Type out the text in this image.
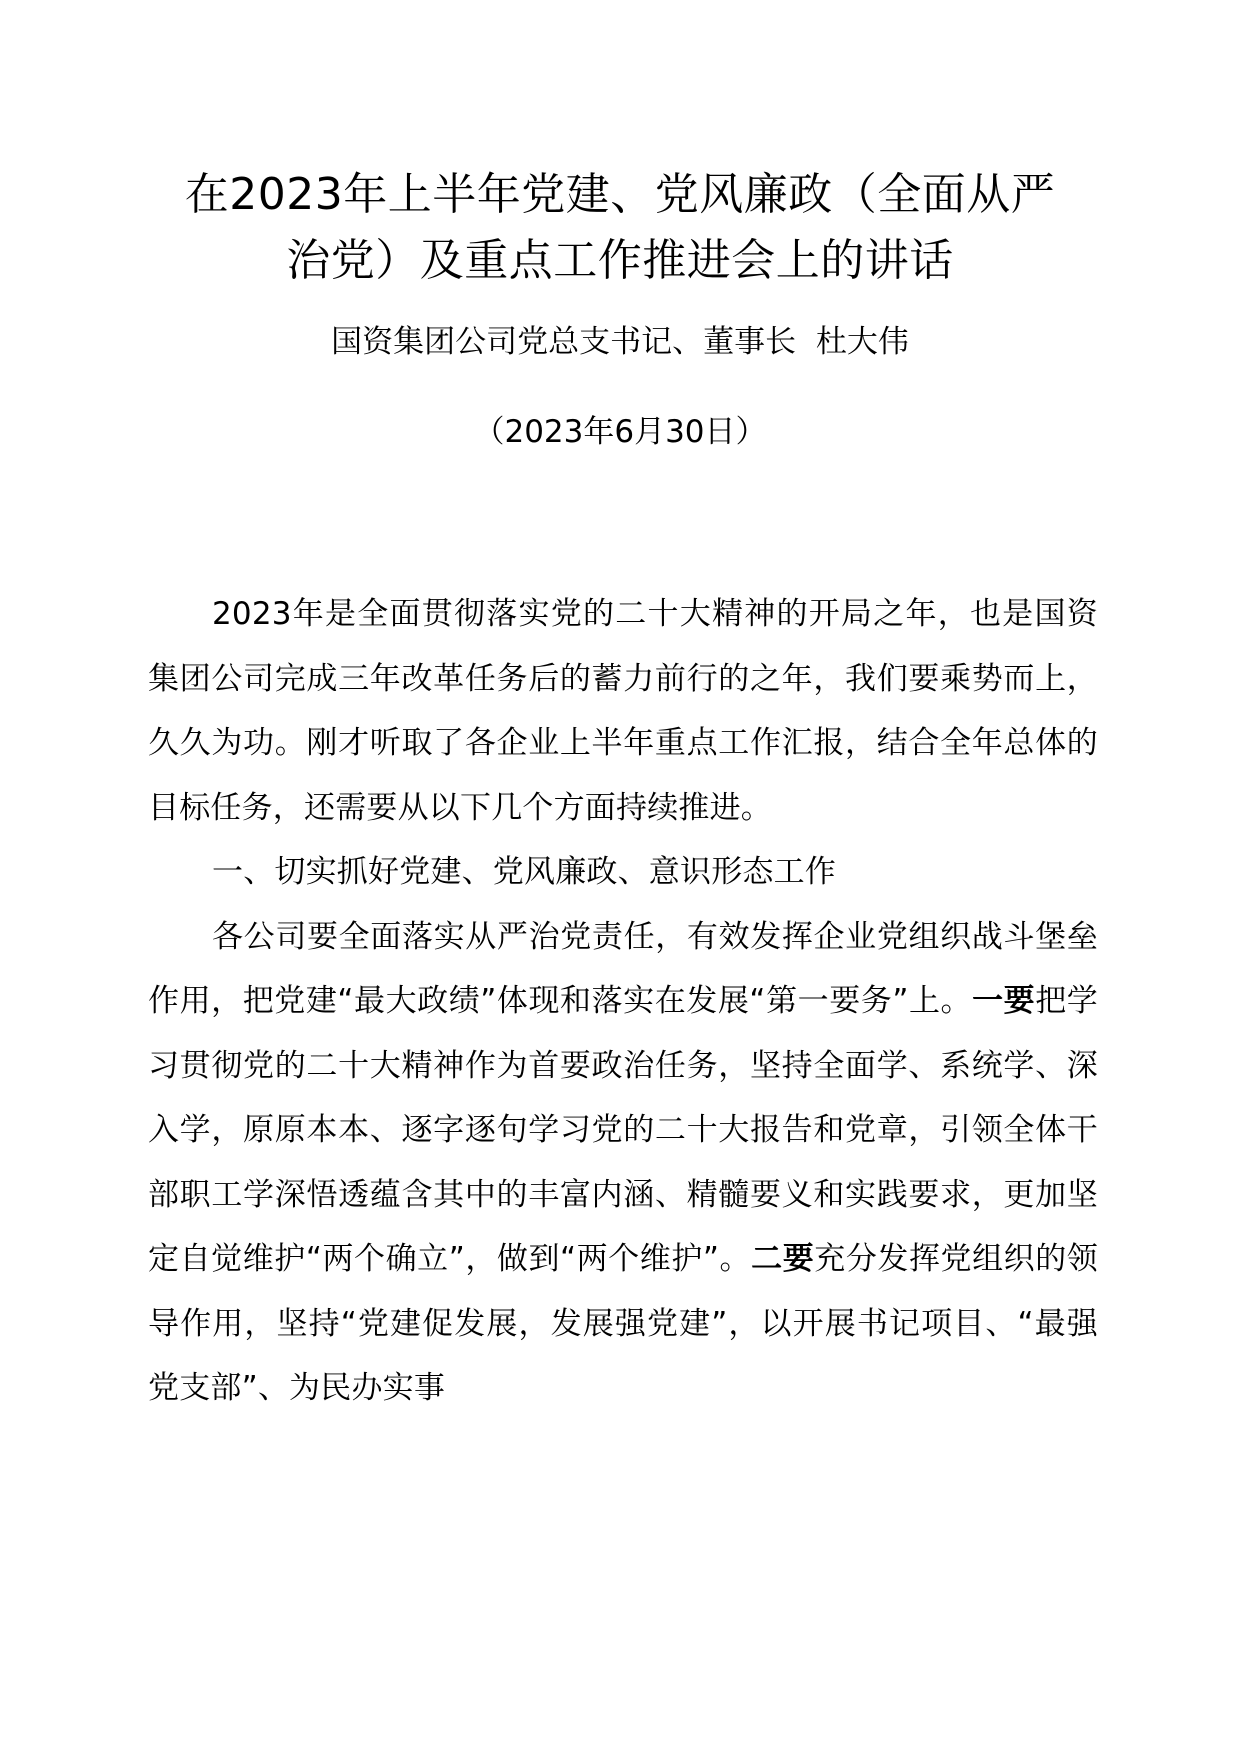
在2023年上半年党建、党风廉政（全面从严
治党）及重点工作推进会上的讲话
国资集团公司党总支书记、董事长  杜大伟
（2023年6月30日）

2023年是全面贯彻落实党的二十大精神的开局之年，也是国资集团公司完成三年改革任务后的蓄力前行的之年，我们要乘势而上，久久为功。刚才听取了各企业上半年重点工作汇报，结合全年总体的目标任务，还需要从以下几个方面持续推进。

一、切实抓好党建、党风廉政、意识形态工作

各公司要全面落实从严治党责任，有效发挥企业党组织战斗堡垒作用，把党建“最大政绩”体现和落实在发展“第一要务”上。一要把学习贯彻党的二十大精神作为首要政治任务，坚持全面学、系统学、深入学，原原本本、逐字逐句学习党的二十大报告和党章，引领全体干部职工学深悟透蕴含其中的丰富内涵、精髓要义和实践要求，更加坚定自觉维护“两个确立”，做到“两个维护”。二要充分发挥党组织的领导作用，坚持“党建促发展，发展强党建”，以开展书记项目、“最强党支部”、为民办实事
